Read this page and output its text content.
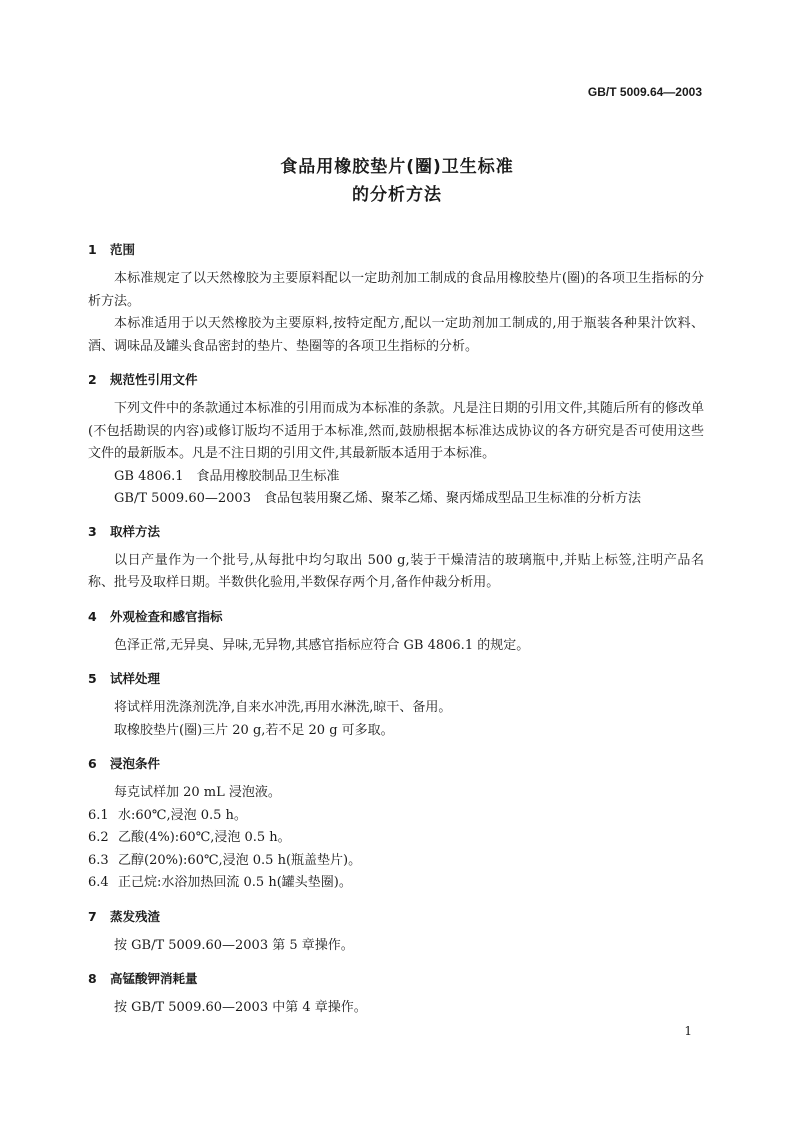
GB/T 5009.64—2003
食品用橡胶垫片(圈)卫生标准
的分析方法
1 范围

本标准规定了以天然橡胶为主要原料配以一定助剂加工制成的食品用橡胶垫片(圈)的各项卫生指标的分析方法。

本标准适用于以天然橡胶为主要原料,按特定配方,配以一定助剂加工制成的,用于瓶装各种果汁饮料、酒、调味品及罐头食品密封的垫片、垫圈等的各项卫生指标的分析。

2 规范性引用文件

下列文件中的条款通过本标准的引用而成为本标准的条款。凡是注日期的引用文件,其随后所有的修改单(不包括勘误的内容)或修订版均不适用于本标准,然而,鼓励根据本标准达成协议的各方研究是否可使用这些文件的最新版本。凡是不注日期的引用文件,其最新版本适用于本标准。

GB 4806.1　食品用橡胶制品卫生标准

GB/T 5009.60—2003　食品包装用聚乙烯、聚苯乙烯、聚丙烯成型品卫生标准的分析方法

3 取样方法

以日产量作为一个批号,从每批中均匀取出 500 g,装于干燥清洁的玻璃瓶中,并贴上标签,注明产品名称、批号及取样日期。半数供化验用,半数保存两个月,备作仲裁分析用。

4 外观检查和感官指标

色泽正常,无异臭、异味,无异物,其感官指标应符合 GB 4806.1 的规定。

5 试样处理

将试样用洗涤剂洗净,自来水冲洗,再用水淋洗,晾干、备用。

取橡胶垫片(圈)三片 20 g,若不足 20 g 可多取。

6 浸泡条件

每克试样加 20 mL 浸泡液。

6.1 水:60℃,浸泡 0.5 h。

6.2 乙酸(4%):60℃,浸泡 0.5 h。

6.3 乙醇(20%):60℃,浸泡 0.5 h(瓶盖垫片)。

6.4 正己烷:水浴加热回流 0.5 h(罐头垫圈)。

7 蒸发残渣

按 GB/T 5009.60—2003 第 5 章操作。

8 高锰酸钾消耗量

按 GB/T 5009.60—2003 中第 4 章操作。

1
